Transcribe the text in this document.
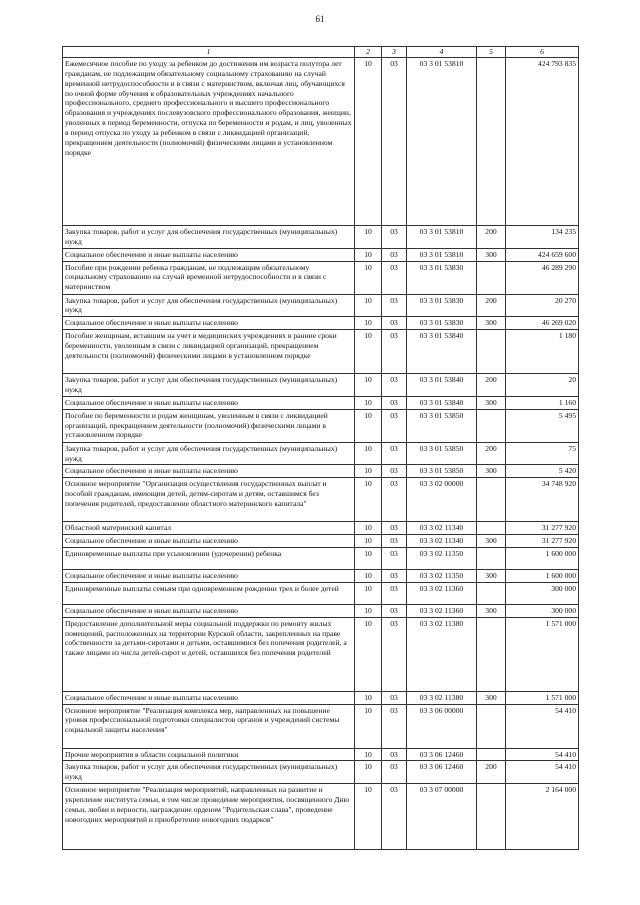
61
1	2	3	4	5	6
Ежемесячное пособие по уходу за ребенком до достижения им возраста полутора лет гражданам, не подлежащим обязательному социальному страхованию на случай временной нетрудоспособности и в связи с материнством, включая лиц, обучающихся по очной форме обучения в образовательных учреждениях начального профессионального, среднего профессионального и высшего профессионального образования и учреждениях послевузовского профессионального образования, женщин, уволенных в период беременности, отпуска по беременности и родам, и лиц, уволенных в период отпуска по уходу за ребенком в связи с ликвидацией организаций, прекращением деятельности (полномочий) физическими лицами в установленном порядке	10	03	03 3 01 53810		424 793 835
Закупка товаров, работ и услуг для обеспечения государственных (муниципальных) нужд	10	03	03 3 01 53810	200	134 235
Социальное обеспечение и иные выплаты населению	10	03	03 3 01 53810	300	424 659 600
Пособие при рождении ребенка гражданам, не подлежащим обязательному социальному страхованию на случай временной нетрудоспособности и в связи с материнством	10	03	03 3 01 53830		46 289 290
Закупка товаров, работ и услуг для обеспечения государственных (муниципальных) нужд	10	03	03 3 01 53830	200	20 270
Социальное обеспечение и иные выплаты населению	10	03	03 3 01 53830	300	46 269 020
Пособие женщинам, вставшим на учет в медицинских учреждениях в ранние сроки беременности, уволенным в связи с ликвидацией организаций, прекращением деятельности (полномочий) физическими лицами в установленном порядке	10	03	03 3 01 53840		1 180
Закупка товаров, работ и услуг для обеспечения государственных (муниципальных) нужд	10	03	03 3 01 53840	200	20
Социальное обеспечение и иные выплаты населению	10	03	03 3 01 53840	300	1 160
Пособие по беременности и родам женщинам, уволенным в связи с ликвидацией организаций, прекращением деятельности (полномочий) физическими лицами в установленном порядке	10	03	03 3 01 53850		5 495
Закупка товаров, работ и услуг для обеспечения государственных (муниципальных) нужд	10	03	03 3 01 53850	200	75
Социальное обеспечение и иные выплаты населению	10	03	03 3 01 53850	300	5 420
Основное мероприятие "Организация осуществления государственных выплат и пособий гражданам, имеющим детей, детям-сиротам и детям, оставшимся без попечения родителей, предоставление областного материнского капитала"	10	03	03 3 02 00000		34 748 920
Областной материнский капитал	10	03	03 3 02 11340		31 277 920
Социальное обеспечение и иные выплаты населению	10	03	03 3 02 11340	300	31 277 920
Единовременные выплаты при усыновлении (удочерении) ребенка	10	03	03 3 02 11350		1 600 000
Социальное обеспечение и иные выплаты населению	10	03	03 3 02 11350	300	1 600 000
Единовременные выплаты семьям при одновременном рождении трех и более детей	10	03	03 3 02 11360		300 000
Социальное обеспечение и иные выплаты населению	10	03	03 3 02 11360	300	300 000
Предоставление дополнительной меры социальной поддержки по ремонту жилых помещений, расположенных на территории Курской области, закрепленных на праве собственности за детьми-сиротами и детьми, оставшимися без попечения родителей, а также лицами из числа детей-сирот и детей, оставшихся без попечения родителей	10	03	03 3 02 11380		1 571 000
Социальное обеспечение и иные выплаты населению	10	03	03 3 02 11380	300	1 571 000
Основное мероприятие "Реализация комплекса мер, направленных на повышение уровня профессиональной подготовки специалистов органов и учреждений системы социальной защиты населения"	10	03	03 3 06 00000		54 410
Прочие мероприятия в области социальной политики	10	03	03 3 06 12460		54 410
Закупка товаров, работ и услуг для обеспечения государственных (муниципальных) нужд	10	03	03 3 06 12460	200	54 410
Основное мероприятие "Реализация мероприятий, направленных на развитие и укрепление института семьи, в том числе проведение мероприятия, посвященного Дню семьи, любви и верности, награждение орденом "Родительская слава", проведение новогодних мероприятий и приобретение новогодних подарков"	10	03	03 3 07 00000		2 164 000
